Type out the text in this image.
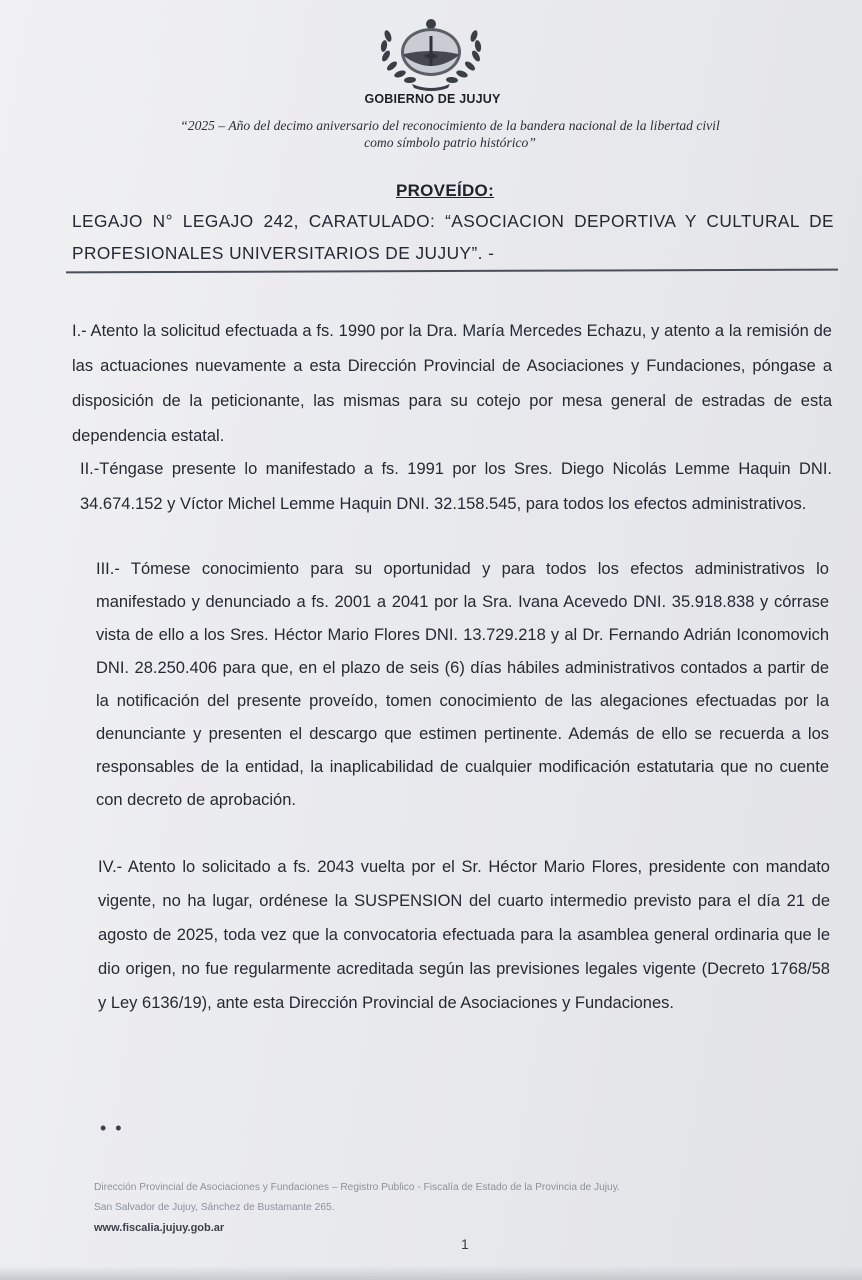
GOBIERNO DE JUJUY
“2025 – Año del decimo aniversario del reconocimiento de la bandera nacional de la libertad civil
como símbolo patrio histórico”
PROVEÍDO:
LEGAJO N° LEGAJO 242, CARATULADO: “ASOCIACION DEPORTIVA Y CULTURAL DE PROFESIONALES UNIVERSITARIOS DE JUJUY”. -
I.- Atento la solicitud efectuada a fs. 1990 por la Dra. María Mercedes Echazu, y atento a la remisión de las actuaciones nuevamente a esta Dirección Provincial de Asociaciones y Fundaciones, póngase a disposición de la peticionante, las mismas para su cotejo por mesa general de estradas de esta dependencia estatal.
II.-Téngase presente lo manifestado a fs. 1991 por los Sres. Diego Nicolás Lemme Haquin DNI. 34.674.152 y Víctor Michel Lemme Haquin DNI. 32.158.545, para todos los efectos administrativos.
III.- Tómese conocimiento para su oportunidad y para todos los efectos administrativos lo manifestado y denunciado a fs. 2001 a 2041 por la Sra. Ivana Acevedo DNI. 35.918.838 y córrase vista de ello a los Sres. Héctor Mario Flores DNI. 13.729.218 y al Dr. Fernando Adrián Iconomovich DNI. 28.250.406 para que, en el plazo de seis (6) días hábiles administrativos contados a partir de la notificación del presente proveído, tomen conocimiento de las alegaciones efectuadas por la denunciante y presenten el descargo que estimen pertinente. Además de ello se recuerda a los responsables de la entidad, la inaplicabilidad de cualquier modificación estatutaria que no cuente con decreto de aprobación.
IV.- Atento lo solicitado a fs. 2043 vuelta por el Sr. Héctor Mario Flores, presidente con mandato vigente, no ha lugar, ordénese la SUSPENSION del cuarto intermedio previsto para el día 21 de agosto de 2025, toda vez que la convocatoria efectuada para la asamblea general ordinaria que le dio origen, no fue regularmente acreditada según las previsiones legales vigente (Decreto 1768/58 y Ley 6136/19), ante esta Dirección Provincial de Asociaciones y Fundaciones.
• •
Dirección Provincial de Asociaciones y Fundaciones – Registro Publico - Fiscalía de Estado de la Provincia de Jujuy.
San Salvador de Jujuy, Sánchez de Bustamante 265.
www.fiscalia.jujuy.gob.ar
1
